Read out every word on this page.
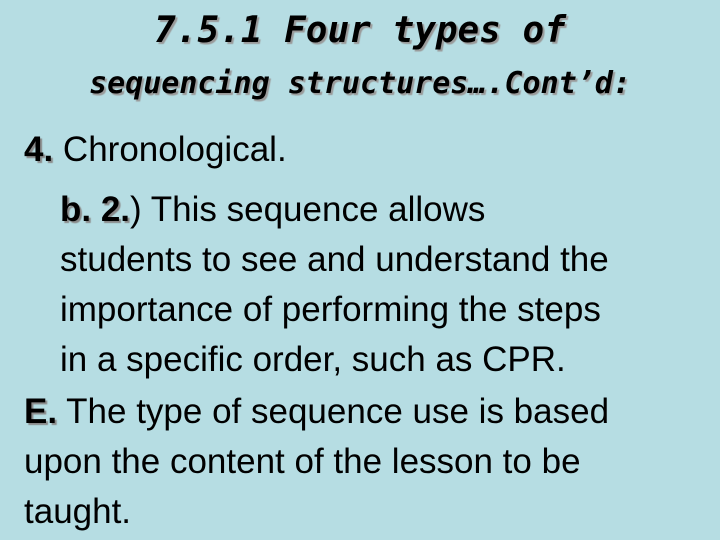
7.5.1 Four types of
sequencing structures….Cont’d:
4. Chronological.
b. 2.) This sequence allows
students to see and understand the
importance of performing the steps
in a specific order, such as CPR.
E. The type of sequence use is based
upon the content of the lesson to be
taught.
